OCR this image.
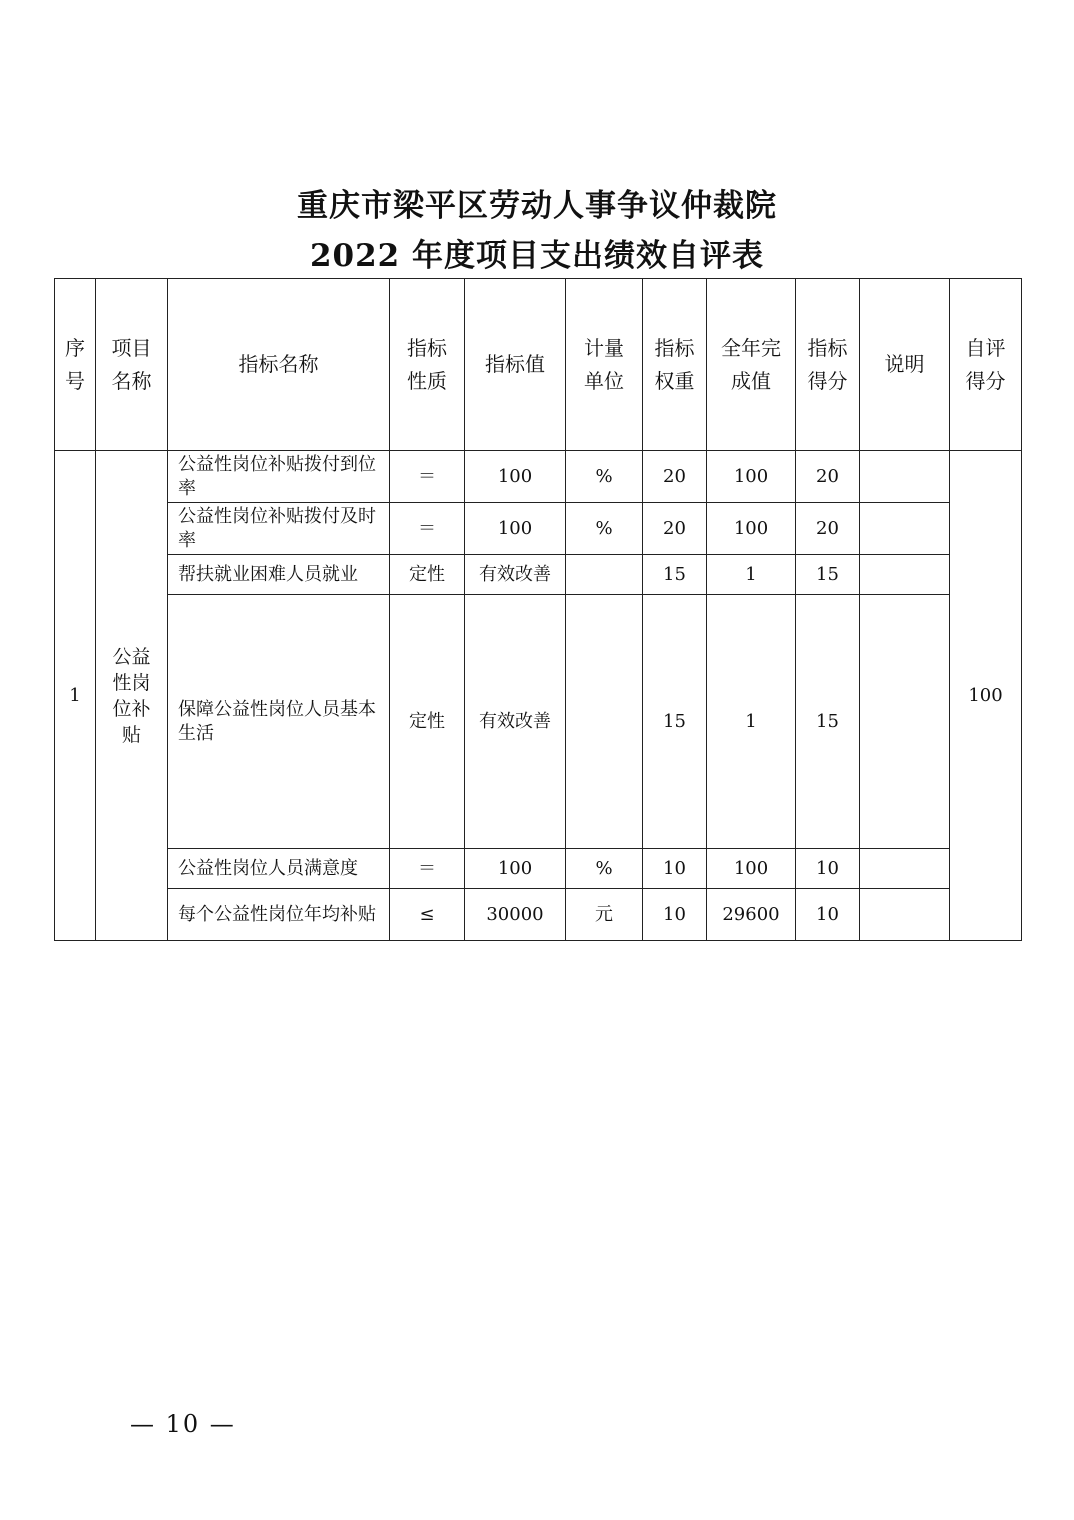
重庆市梁平区劳动人事争议仲裁院
2022 年度项目支出绩效自评表
序号	项目名称	指标名称	指标性质	指标值	计量单位	指标权重	全年完成值	指标得分	说明	自评得分
1	公益性岗位补贴	公益性岗位补贴拨付到位率	＝	100	%	20	100	20		100
		公益性岗位补贴拨付及时率	＝	100	%	20	100	20		
		帮扶就业困难人员就业	定性	有效改善		15	1	15		
		保障公益性岗位人员基本生活	定性	有效改善		15	1	15		
		公益性岗位人员满意度	＝	100	%	10	100	10		
		每个公益性岗位年均补贴	≤	30000	元	10	29600	10		
— 10 —
